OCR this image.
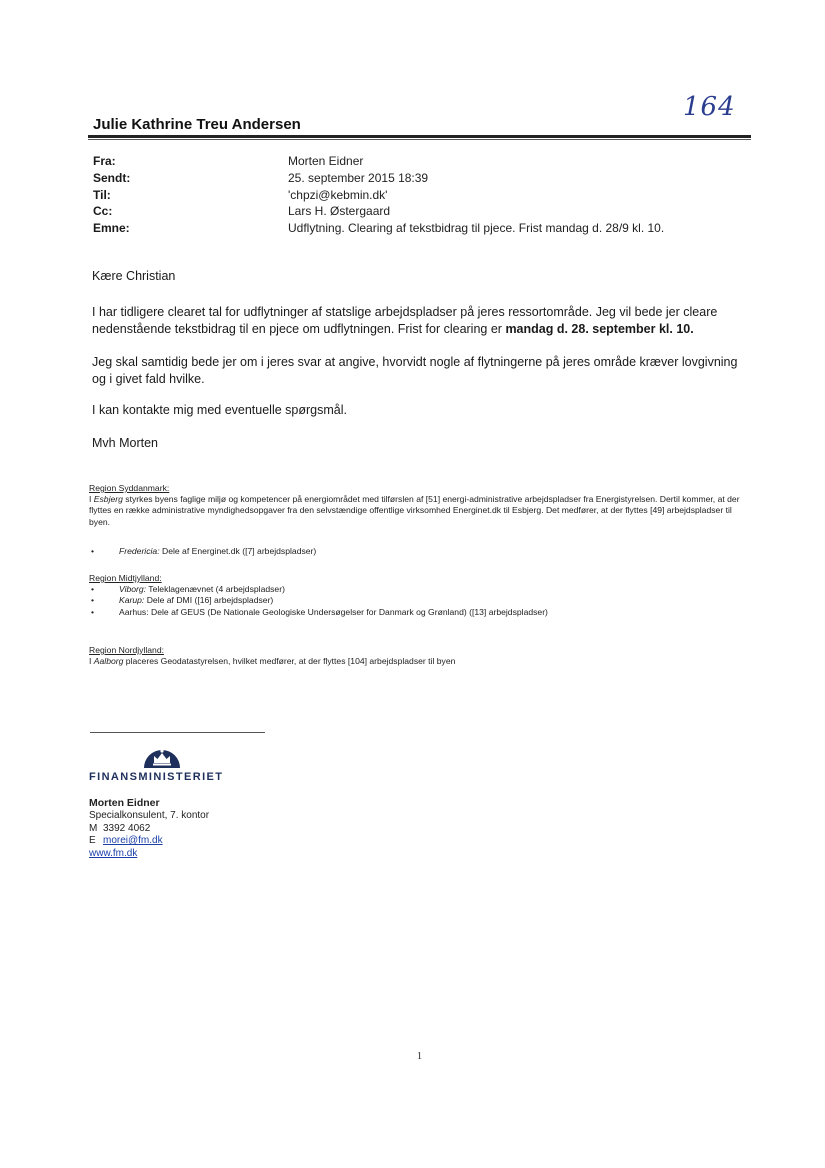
164
Julie Kathrine Treu Andersen
Fra:	Morten Eidner
Sendt:	25. september 2015 18:39
Til:	'chpzi@kebmin.dk'
Cc:	Lars H. Østergaard
Emne:	Udflytning. Clearing af tekstbidrag til pjece. Frist mandag d. 28/9 kl. 10.
Kære Christian
I har tidligere clearet tal for udflytninger af statslige arbejdspladser på jeres ressortområde. Jeg vil bede jer cleare nedenstående tekstbidrag til en pjece om udflytningen. Frist for clearing er mandag d. 28. september kl. 10.
Jeg skal samtidig bede jer om i jeres svar at angive, hvorvidt nogle af flytningerne på jeres område kræver lovgivning og i givet fald hvilke.
I kan kontakte mig med eventuelle spørgsmål.
Mvh Morten
Region Syddanmark:
I Esbjerg styrkes byens faglige miljø og kompetencer på energiområdet med tilførslen af [51] energi-administrative arbejdspladser fra Energistyrelsen. Dertil kommer, at der flyttes en række administrative myndighedsopgaver fra den selvstændige offentlige virksomhed Energinet.dk til Esbjerg. Det medfører, at der flyttes [49] arbejdspladser til byen.
•	Fredericia: Dele af Energinet.dk ([7] arbejdspladser)
Region Midtjylland:
•	Viborg: Teleklagenævnet (4 arbejdspladser)
•	Karup: Dele af DMI ([16] arbejdspladser)
•	Aarhus: Dele af GEUS (De Nationale Geologiske Undersøgelser for Danmark og Grønland) ([13] arbejdspladser)
Region Nordjylland:
I Aalborg placeres Geodatastyrelsen, hvilket medfører, at der flyttes [104] arbejdspladser til byen
FINANSMINISTERIET
Morten Eidner
Specialkonsulent, 7. kontor
M 3392 4062
E morei@fm.dk
www.fm.dk
1
